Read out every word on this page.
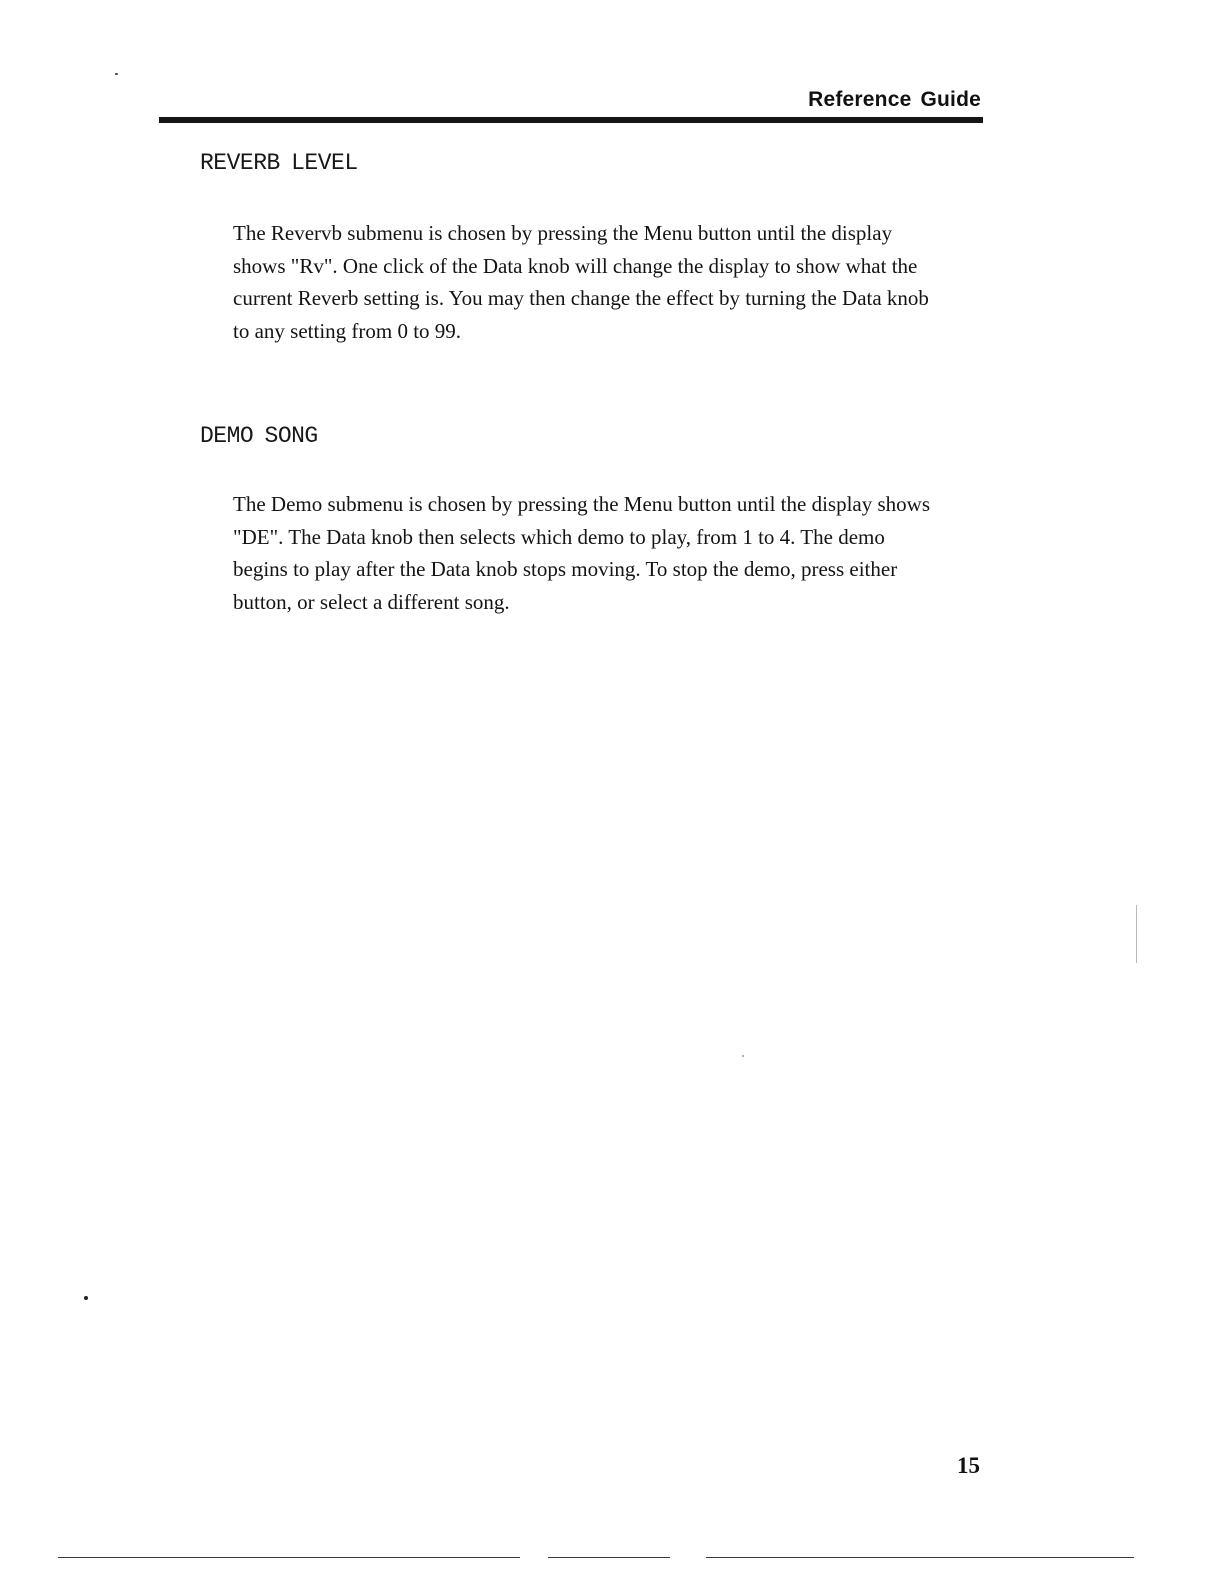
Reference Guide
REVERB LEVEL

The Revervb submenu is chosen by pressing the Menu button until the display
shows "Rv". One click of the Data knob will change the display to show what the
current Reverb setting is. You may then change the effect by turning the Data knob
to any setting from 0 to 99.

DEMO SONG

The Demo submenu is chosen by pressing the Menu button until the display shows
"DE". The Data knob then selects which demo to play, from 1 to 4. The demo
begins to play after the Data knob stops moving. To stop the demo, press either
button, or select a different song.

15
